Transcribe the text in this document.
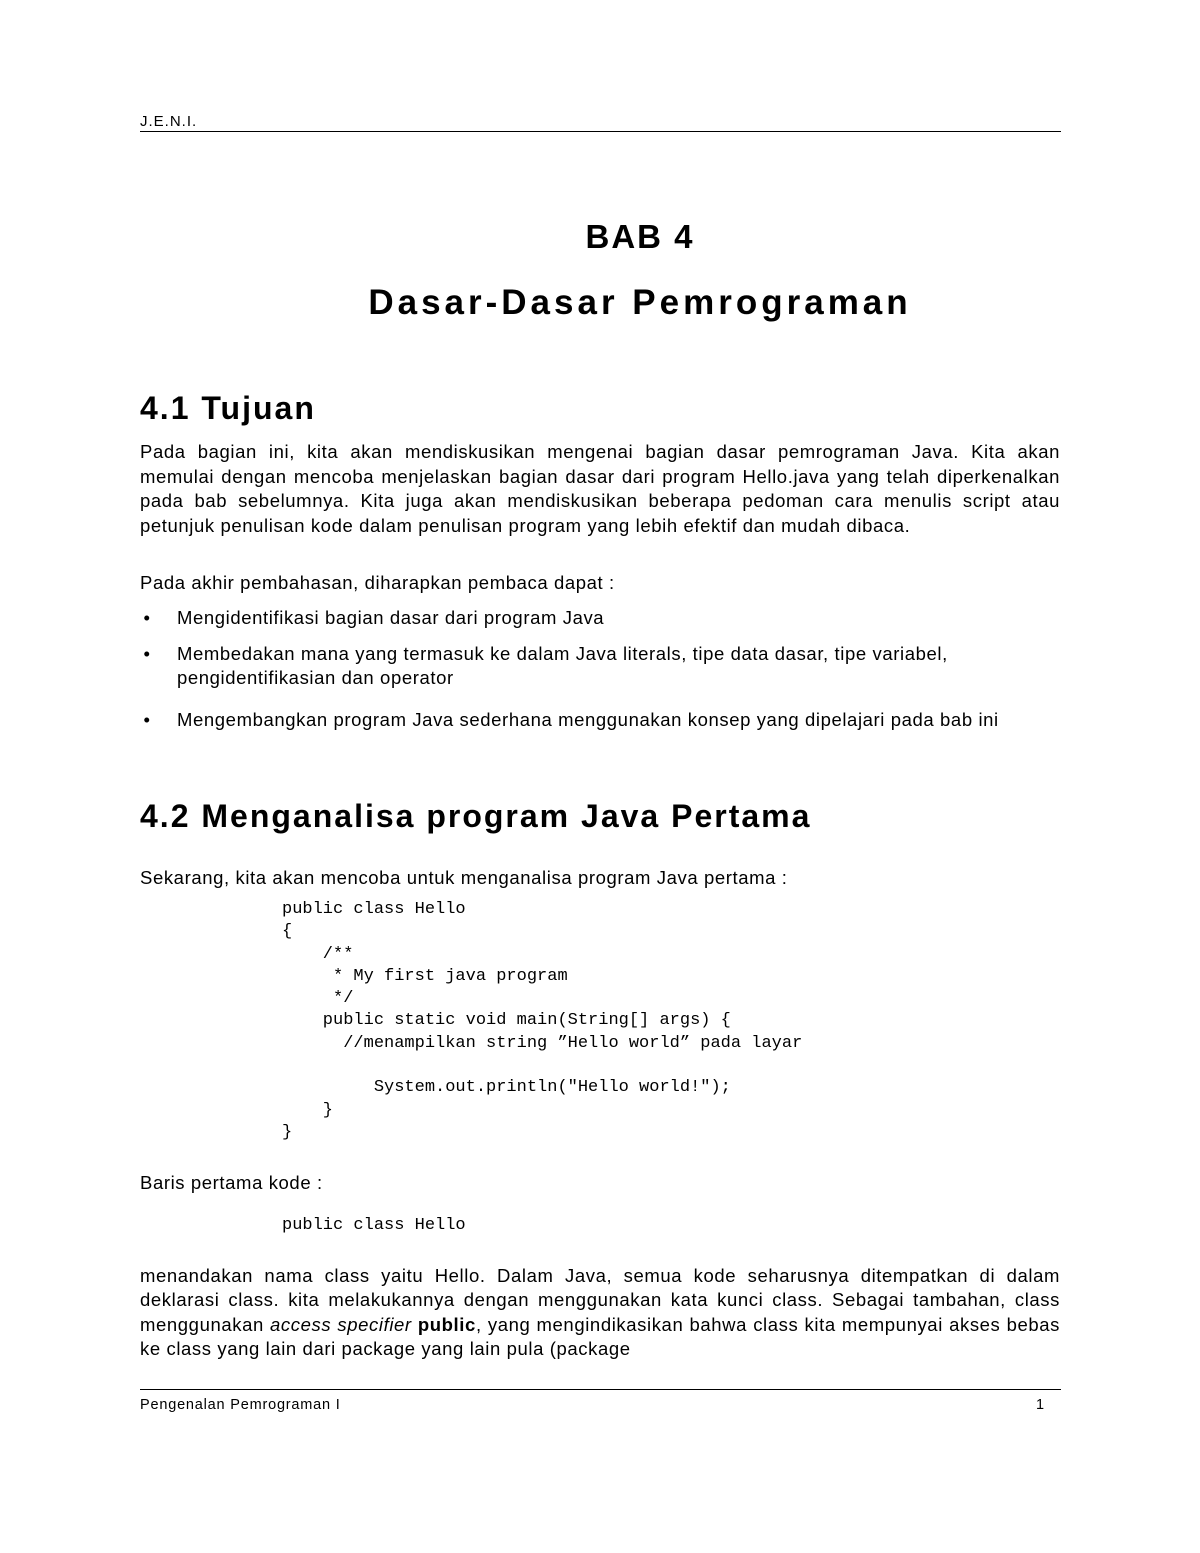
J.E.N.I.
BAB 4
Dasar-Dasar Pemrograman
4.1 Tujuan

Pada bagian ini, kita akan mendiskusikan mengenai bagian dasar pemrograman Java. Kita akan memulai dengan mencoba menjelaskan bagian dasar dari program Hello.java yang telah diperkenalkan pada bab sebelumnya. Kita juga akan mendiskusikan beberapa pedoman cara menulis script atau petunjuk penulisan kode dalam penulisan program yang lebih efektif dan mudah dibaca.

Pada akhir pembahasan, diharapkan pembaca dapat :

• Mengidentifikasi bagian dasar dari program Java
• Membedakan mana yang termasuk ke dalam Java literals, tipe data dasar, tipe variabel, pengidentifikasian dan operator
• Mengembangkan program Java sederhana menggunakan konsep yang dipelajari pada bab ini
4.2 Menganalisa program Java Pertama

Sekarang, kita akan mencoba untuk menganalisa program Java pertama :

public class Hello
{
/**
* My first java program
*/
public static void main(String[] args) {
//menampilkan string ”Hello world” pada layar

System.out.println("Hello world!");
}
}

Baris pertama kode :

public class Hello

menandakan nama class yaitu Hello. Dalam Java, semua kode seharusnya ditempatkan di dalam deklarasi class. kita melakukannya dengan menggunakan kata kunci class. Sebagai tambahan, class menggunakan access specifier public, yang mengindikasikan bahwa class kita mempunyai akses bebas ke class yang lain dari package yang lain pula (package

Pengenalan Pemrograman I	1
